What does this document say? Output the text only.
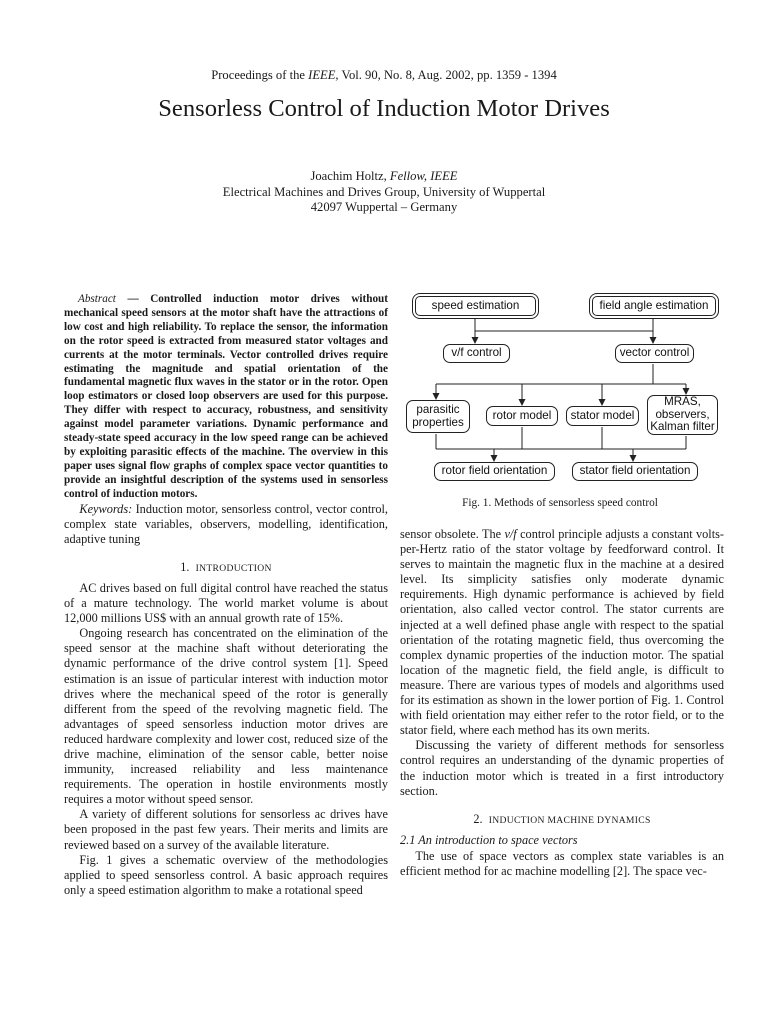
Proceedings of the IEEE, Vol. 90, No. 8, Aug. 2002, pp. 1359 - 1394
Sensorless Control of Induction Motor Drives
Joachim Holtz, Fellow, IEEE
Electrical Machines and Drives Group, University of Wuppertal
42097 Wuppertal – Germany
Abstract — Controlled induction motor drives without mechanical speed sensors at the motor shaft have the attractions of low cost and high reliability. To replace the sensor, the information on the rotor speed is extracted from measured stator voltages and currents at the motor terminals. Vector controlled drives require estimating the magnitude and spatial orientation of the fundamental magnetic flux waves in the stator or in the rotor. Open loop estimators or closed loop observers are used for this purpose. They differ with respect to accuracy, robustness, and sensitivity against model parameter variations. Dynamic performance and steady-state speed accuracy in the low speed range can be achieved by exploiting parasitic effects of the machine. The overview in this paper uses signal flow graphs of complex space vector quantities to provide an insightful description of the systems used in sensorless control of induction motors.

Keywords: Induction motor, sensorless control, vector control, complex state variables, observers, modelling, identification, adaptive tuning

1. INTRODUCTION

AC drives based on full digital control have reached the status of a mature technology. The world market volume is about 12,000 millions US$ with an annual growth rate of 15%.

Ongoing research has concentrated on the elimination of the speed sensor at the machine shaft without deteriorating the dynamic performance of the drive control system [1]. Speed estimation is an issue of particular interest with induction motor drives where the mechanical speed of the rotor is generally different from the speed of the revolving magnetic field. The advantages of speed sensorless induction motor drives are reduced hardware complexity and lower cost, reduced size of the drive machine, elimination of the sensor cable, better noise immunity, increased reliability and less maintenance requirements. The operation in hostile environments mostly requires a motor without speed sensor.

A variety of different solutions for sensorless ac drives have been proposed in the past few years. Their merits and limits are reviewed based on a survey of the available literature.

Fig. 1 gives a schematic overview of the methodologies applied to speed sensorless control. A basic approach requires only a speed estimation algorithm to make a rotational speed

speed estimation	field angle estimation
v/f control	vector control
parasitic properties
rotor model	stator model
MRAS, observers, Kalman filter
rotor field orientation	stator field orientation
Fig. 1. Methods of sensorless speed control

sensor obsolete. The v/f control principle adjusts a constant volts-per-Hertz ratio of the stator voltage by feedforward control. It serves to maintain the magnetic flux in the machine at a desired level. Its simplicity satisfies only moderate dynamic requirements. High dynamic performance is achieved by field orientation, also called vector control. The stator currents are injected at a well defined phase angle with respect to the spatial orientation of the rotating magnetic field, thus overcoming the complex dynamic properties of the induction motor. The spatial location of the magnetic field, the field angle, is difficult to measure. There are various types of models and algorithms used for its estimation as shown in the lower portion of Fig. 1. Control with field orientation may either refer to the rotor field, or to the stator field, where each method has its own merits.

Discussing the variety of different methods for sensorless control requires an understanding of the dynamic properties of the induction motor which is treated in a first introductory section.

2. INDUCTION MACHINE DYNAMICS

2.1 An introduction to space vectors

The use of space vectors as complex state variables is an efficient method for ac machine modelling [2]. The space vec-
